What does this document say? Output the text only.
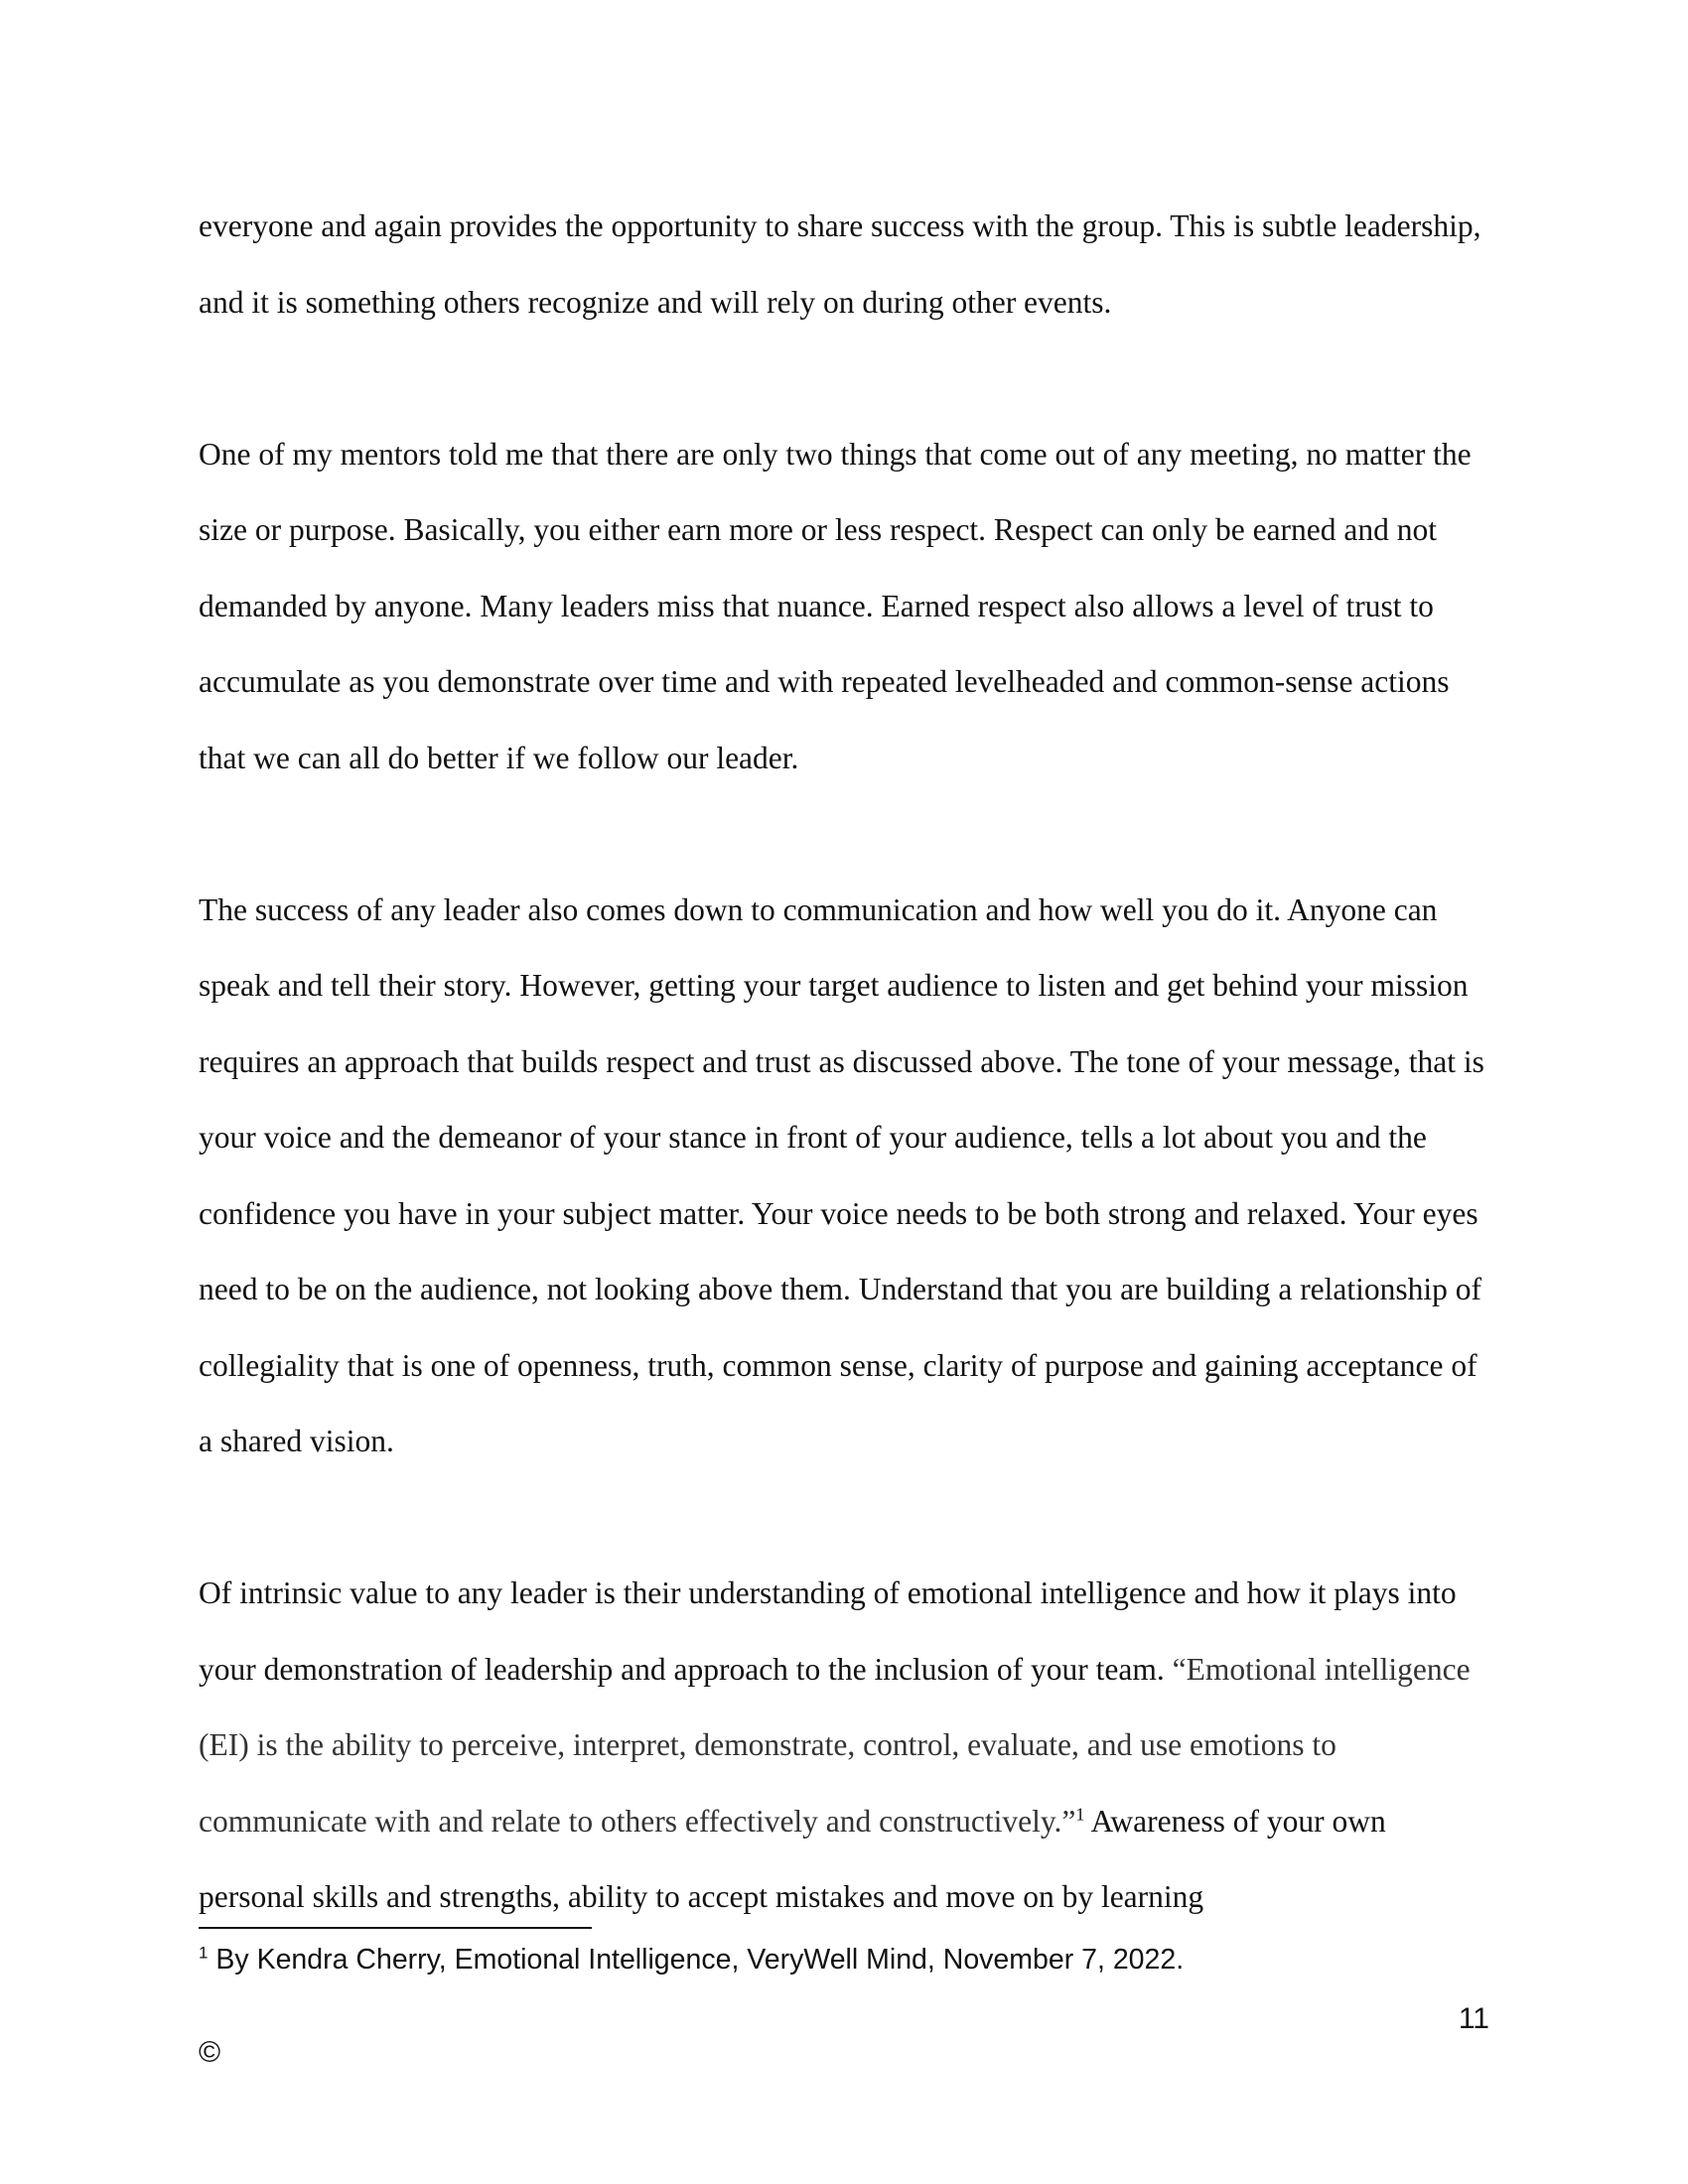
everyone and again provides the opportunity to share success with the group. This is subtle leadership, and it is something others recognize and will rely on during other events.

One of my mentors told me that there are only two things that come out of any meeting, no matter the size or purpose. Basically, you either earn more or less respect. Respect can only be earned and not demanded by anyone. Many leaders miss that nuance. Earned respect also allows a level of trust to accumulate as you demonstrate over time and with repeated levelheaded and common-sense actions that we can all do better if we follow our leader.

The success of any leader also comes down to communication and how well you do it. Anyone can speak and tell their story. However, getting your target audience to listen and get behind your mission requires an approach that builds respect and trust as discussed above. The tone of your message, that is your voice and the demeanor of your stance in front of your audience, tells a lot about you and the confidence you have in your subject matter. Your voice needs to be both strong and relaxed. Your eyes need to be on the audience, not looking above them. Understand that you are building a relationship of collegiality that is one of openness, truth, common sense, clarity of purpose and gaining acceptance of a shared vision.

Of intrinsic value to any leader is their understanding of emotional intelligence and how it plays into your demonstration of leadership and approach to the inclusion of your team. “Emotional intelligence (EI) is the ability to perceive, interpret, demonstrate, control, evaluate, and use emotions to communicate with and relate to others effectively and constructively.”$^1$ Awareness of your own personal skills and strengths, ability to accept mistakes and move on by learning

$^1$ By Kendra Cherry, Emotional Intelligence, VeryWell Mind, November 7, 2022.
11
©
